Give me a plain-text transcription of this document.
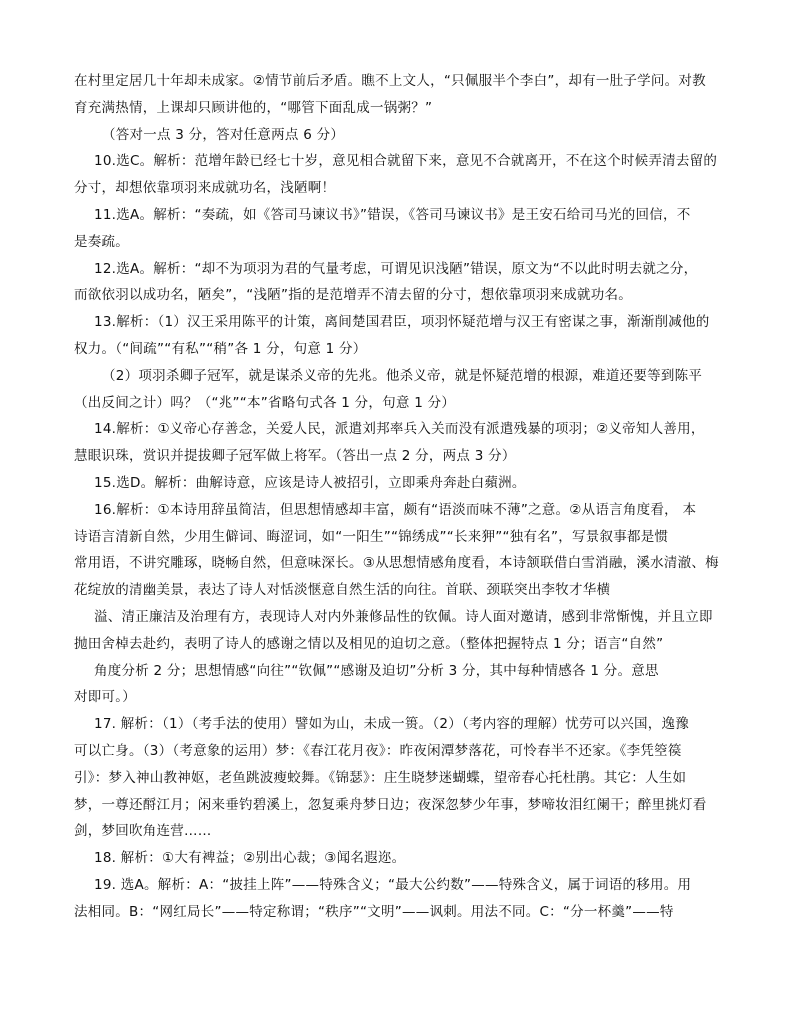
在村里定居几十年却未成家。②情节前后矛盾。瞧不上文人，“只佩服半个李白”，却有一肚子学问。对教
育充满热情，上课却只顾讲他的，“哪管下面乱成一锅粥？”
（答对一点 3 分，答对任意两点 6 分）
10.选C。解析：范增年龄已经七十岁，意见相合就留下来，意见不合就离开，不在这个时候弄清去留的
分寸，却想依靠项羽来成就功名，浅陋啊！
11.选A。解析：“奏疏，如《答司马谏议书》”错误，《答司马谏议书》是王安石给司马光的回信，不
是奏疏。
12.选A。解析：“却不为项羽为君的气量考虑，可谓见识浅陋”错误，原文为“不以此时明去就之分，
而欲依羽以成功名，陋矣”，“浅陋”指的是范增弄不清去留的分寸，想依靠项羽来成就功名。
13.解析：（1）汉王采用陈平的计策，离间楚国君臣，项羽怀疑范增与汉王有密谋之事，渐渐削减他的
权力。（“间疏”“有私”“稍”各 1 分，句意 1 分）
（2）项羽杀卿子冠军，就是谋杀义帝的先兆。他杀义帝，就是怀疑范增的根源，难道还要等到陈平
（出反间之计）吗？（“兆”“本”省略句式各 1 分，句意 1 分）
14.解析：①义帝心存善念，关爱人民，派遣刘邦率兵入关而没有派遣残暴的项羽；②义帝知人善用，
慧眼识珠，赏识并提拔卿子冠军做上将军。（答出一点 2 分，两点 3 分）
15.选D。解析：曲解诗意，应该是诗人被招引，立即乘舟奔赴白蘋洲。
16.解析：①本诗用辞虽简洁，但思想情感却丰富，颇有“语淡而味不薄”之意。②从语言角度看， 本
诗语言清新自然，少用生僻词、晦涩词，如“一阳生”“锦绣成”“长来狎”“独有名”，写景叙事都是惯
常用语，不讲究雕琢，晓畅自然，但意味深长。③从思想情感角度看，本诗颔联借白雪消融，溪水清澈、梅
花绽放的清幽美景，表达了诗人对恬淡惬意自然生活的向往。首联、颈联突出李牧才华横
溢、清正廉洁及治理有方，表现诗人对内外兼修品性的钦佩。诗人面对邀请，感到非常惭愧，并且立即
抛田舍棹去赴约，表明了诗人的感谢之情以及相见的迫切之意。（整体把握特点 1 分；语言“自然”
角度分析 2 分；思想情感“向往”“钦佩”“感谢及迫切”分析 3 分，其中每种情感各 1 分。意思
对即可。）
17. 解析：（1）（考手法的使用）譬如为山，未成一篑。（2）（考内容的理解）忧劳可以兴国，逸豫
可以亡身。（3）（考意象的运用）梦：《春江花月夜》：昨夜闲潭梦落花，可怜春半不还家。《李凭箜篌
引》：梦入神山教神妪，老鱼跳波瘦蛟舞。《锦瑟》：庄生晓梦迷蝴蝶，望帝春心托杜鹃。其它：人生如
梦，一尊还酹江月；闲来垂钓碧溪上，忽复乘舟梦日边；夜深忽梦少年事，梦啼妆泪红阑干；醉里挑灯看
剑，梦回吹角连营……
18. 解析：①大有裨益；②别出心裁；③闻名遐迩。
19. 选A。解析：A：“披挂上阵”——特殊含义；“最大公约数”——特殊含义，属于词语的移用。用
法相同。B：“网红局长”——特定称谓；“秩序”“文明”——讽刺。用法不同。C：“分一杯羹”——特
